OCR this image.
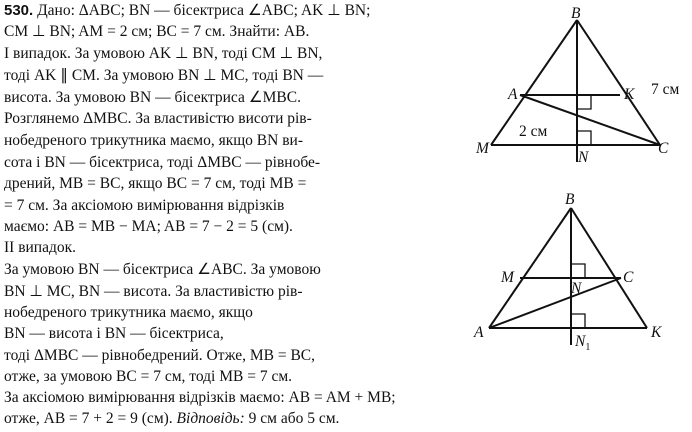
530. Дано: ΔABC; BN — бісектриса ∠ABC; AK ⊥ BN;
CM ⊥ BN; AM = 2 см; BC = 7 см. Знайти: AB.
І випадок. За умовою AK ⊥ BN, тоді CM ⊥ BN,
тоді AK ∥ CM. За умовою BN ⊥ MC, тоді BN —
висота. За умовою BN — бісектриса ∠MBC.
Розглянемо ΔMBC. За властивістю висоти рів-
нобедреного трикутника маємо, якщо BN ви-
сота і BN — бісектриса, тоді ΔMBC — рівнобе-
дрений, MB = BC, якщо BC = 7 см, тоді MB =
= 7 см. За аксіомою вимірювання відрізків
маємо: AB = MB − MA; AB = 7 − 2 = 5 (см).
II випадок.
За умовою BN — бісектриса ∠ABC. За умовою
BN ⊥ MC, BN — висота. За властивістю рів-
нобедреного трикутника маємо, якщо
BN — висота і BN — бісектриса,
тоді ΔMBC — рівнобедрений. Отже, MB = BC,
отже, за умовою BC = 7 см, тоді MB = 7 см.
За аксіомою вимірювання відрізків маємо: AB = AM + MB;
отже, AB = 7 + 2 = 9 (см). Відповідь: 9 см або 5 см.
B
A	K
M
N
C
7 см
2 см
B
M	C
N
A	K
$N_1$
